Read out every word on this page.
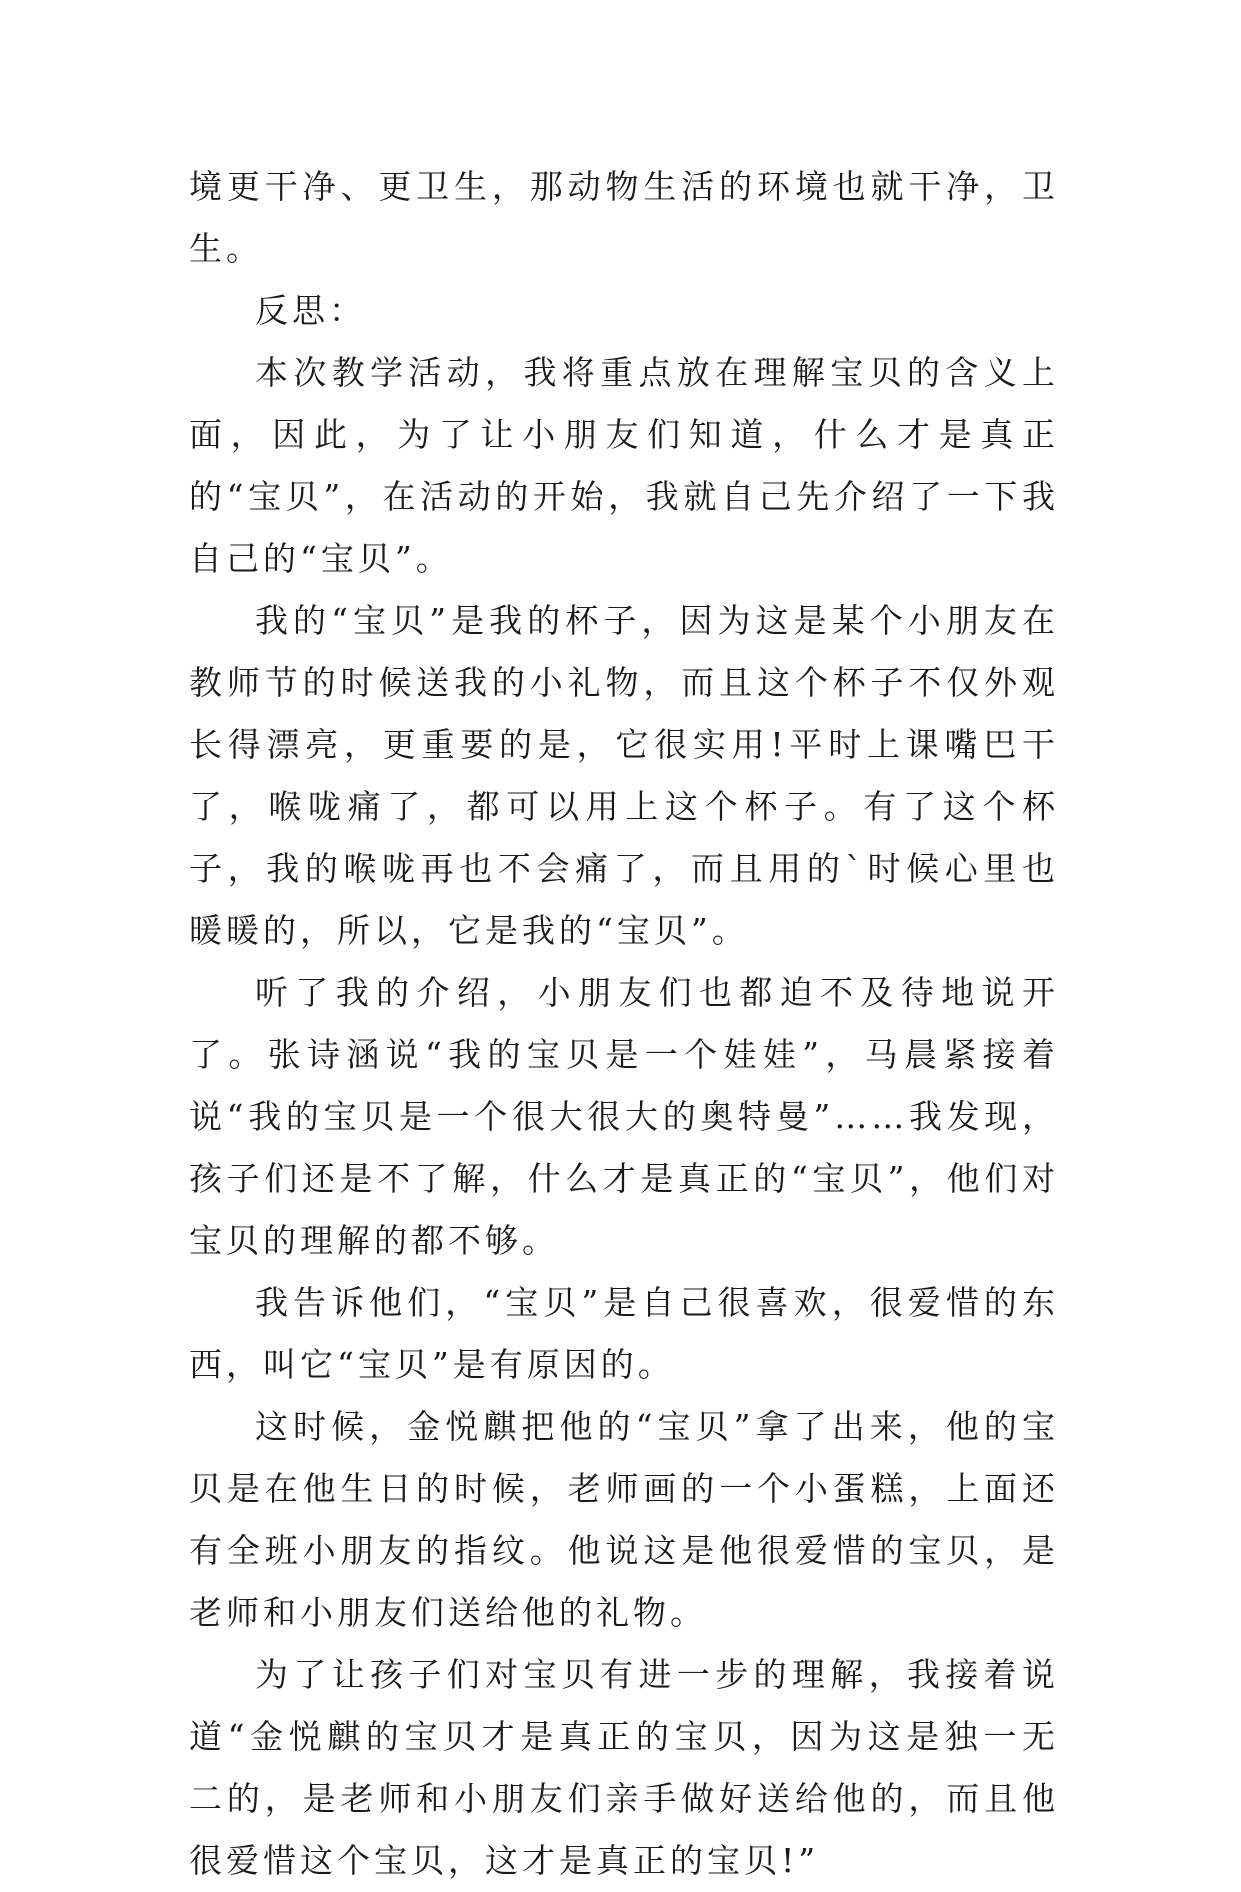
境更干净、更卫生，那动物生活的环境也就干净，卫生。

反思：

本次教学活动，我将重点放在理解宝贝的含义上面，因此，为了让小朋友们知道，什么才是真正的“宝贝”，在活动的开始，我就自己先介绍了一下我自己的“宝贝”。

我的“宝贝”是我的杯子，因为这是某个小朋友在教师节的时候送我的小礼物，而且这个杯子不仅外观长得漂亮，更重要的是，它很实用!平时上课嘴巴干了，喉咙痛了，都可以用上这个杯子。有了这个杯子，我的喉咙再也不会痛了，而且用的`时候心里也暖暖的，所以，它是我的“宝贝”。

听了我的介绍，小朋友们也都迫不及待地说开了。张诗涵说“我的宝贝是一个娃娃”，马晨紧接着说“我的宝贝是一个很大很大的奥特曼”……我发现，孩子们还是不了解，什么才是真正的“宝贝”，他们对宝贝的理解的都不够。

我告诉他们，“宝贝”是自己很喜欢，很爱惜的东西，叫它“宝贝”是有原因的。

这时候，金悦麒把他的“宝贝”拿了出来，他的宝贝是在他生日的时候，老师画的一个小蛋糕，上面还有全班小朋友的指纹。他说这是他很爱惜的宝贝，是老师和小朋友们送给他的礼物。

为了让孩子们对宝贝有进一步的理解，我接着说道“金悦麒的宝贝才是真正的宝贝，因为这是独一无二的，是老师和小朋友们亲手做好送给他的，而且他很爱惜这个宝贝，这才是真正的宝贝!”
